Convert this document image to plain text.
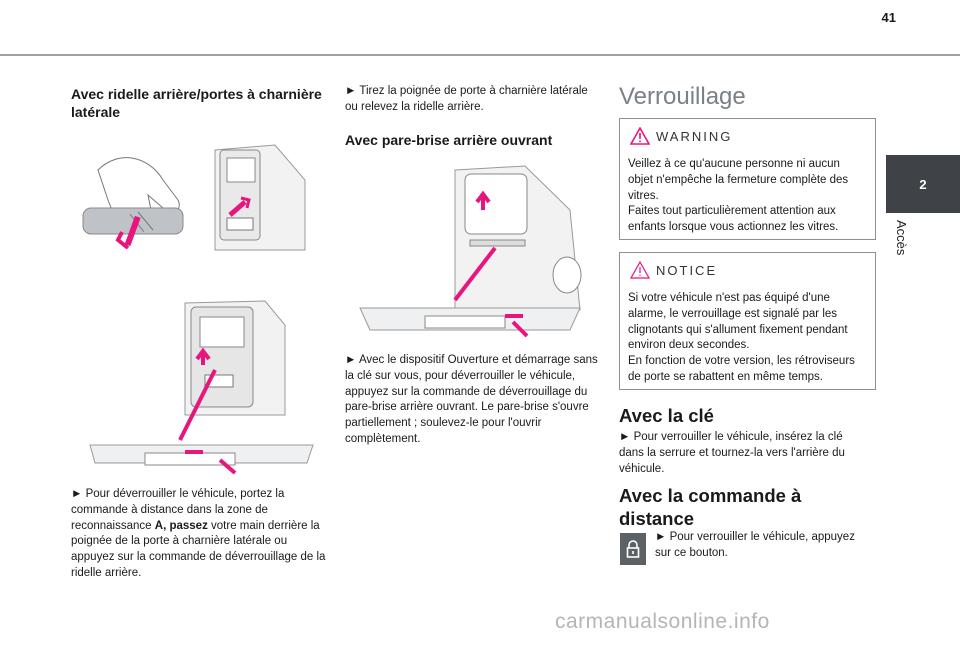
41
2
Accès
Avec ridelle arrière/portes à charnière latérale

► Pour déverrouiller le véhicule, portez la commande à distance dans la zone de reconnaissance A, passez votre main derrière la poignée de la porte à charnière latérale ou appuyez sur la commande de déverrouillage de la ridelle arrière.

► Tirez la poignée de porte à charnière latérale ou relevez la ridelle arrière.

Avec pare-brise arrière ouvrant

► Avec le dispositif Ouverture et démarrage sans la clé sur vous, pour déverrouiller le véhicule, appuyez sur la commande de déverrouillage du pare-brise arrière ouvrant. Le pare-brise s'ouvre partiellement ; soulevez-le pour l'ouvrir complètement.

Verrouillage
WARNING
Veillez à ce qu'aucune personne ni aucun objet n'empêche la fermeture complète des vitres.
Faites tout particulièrement attention aux enfants lorsque vous actionnez les vitres.
NOTICE
Si votre véhicule n'est pas équipé d'une alarme, le verrouillage est signalé par les clignotants qui s'allument fixement pendant environ deux secondes.
En fonction de votre version, les rétroviseurs de porte se rabattent en même temps.
Avec la clé

► Pour verrouiller le véhicule, insérez la clé dans la serrure et tournez-la vers l'arrière du véhicule.

Avec la commande à distance

► Pour verrouiller le véhicule, appuyez sur ce bouton.

carmanualsonline.info
